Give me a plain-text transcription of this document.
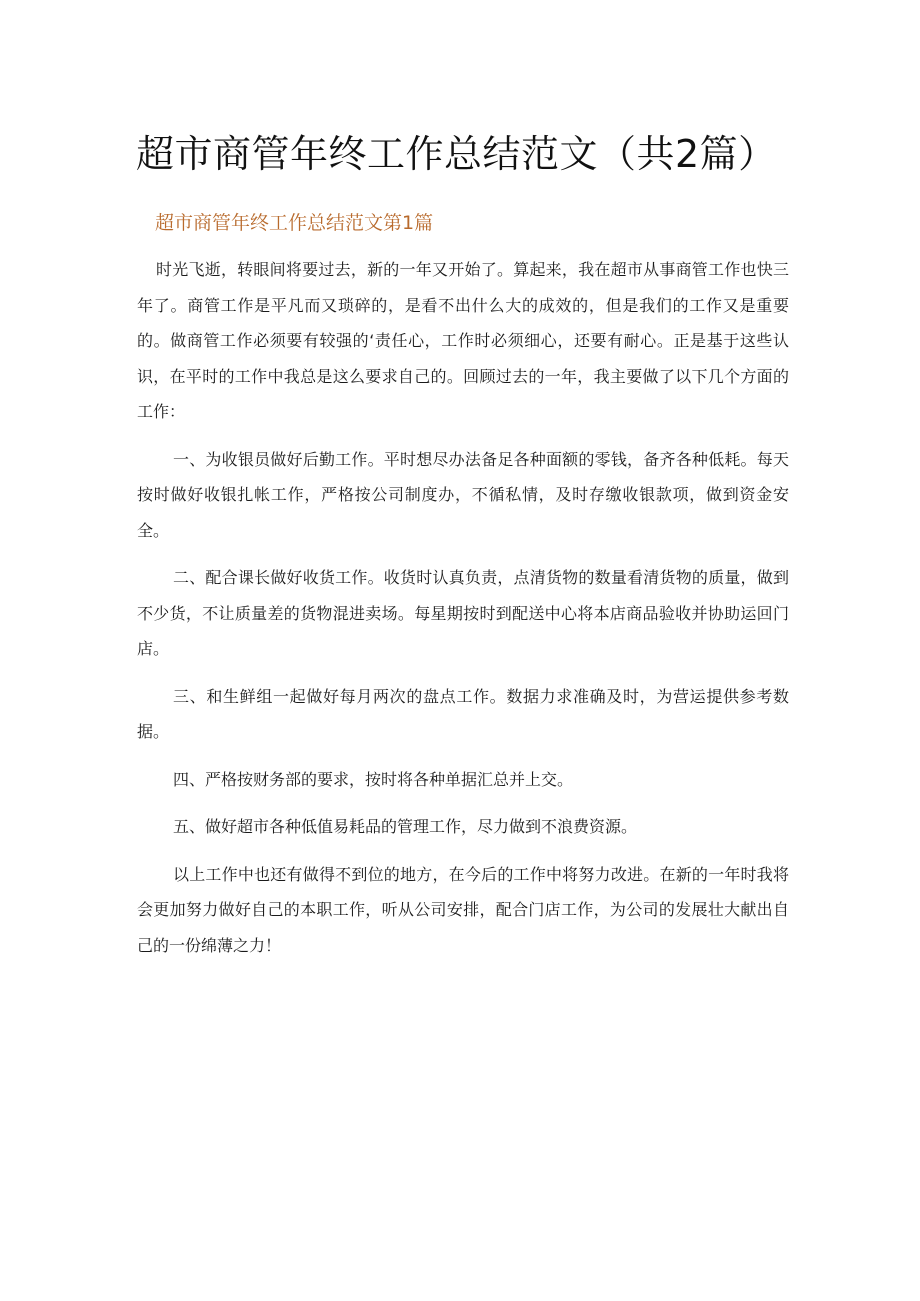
超市商管年终工作总结范文（共2篇）
超市商管年终工作总结范文第1篇

时光飞逝，转眼间将要过去，新的一年又开始了。算起来，我在超市从事商管工作也快三年了。商管工作是平凡而又琐碎的，是看不出什么大的成效的，但是我们的工作又是重要的。做商管工作必须要有较强的‘责任心，工作时必须细心，还要有耐心。正是基于这些认识，在平时的工作中我总是这么要求自己的。回顾过去的一年，我主要做了以下几个方面的工作：

一、为收银员做好后勤工作。平时想尽办法备足各种面额的零钱，备齐各种低耗。每天按时做好收银扎帐工作，严格按公司制度办，不循私情，及时存缴收银款项，做到资金安全。

二、配合课长做好收货工作。收货时认真负责，点清货物的数量看清货物的质量，做到不少货，不让质量差的货物混进卖场。每星期按时到配送中心将本店商品验收并协助运回门店。

三、和生鲜组一起做好每月两次的盘点工作。数据力求准确及时，为营运提供参考数据。

四、严格按财务部的要求，按时将各种单据汇总并上交。

五、做好超市各种低值易耗品的管理工作，尽力做到不浪费资源。

以上工作中也还有做得不到位的地方，在今后的工作中将努力改进。在新的一年时我将会更加努力做好自己的本职工作，听从公司安排，配合门店工作，为公司的发展壮大献出自己的一份绵薄之力！
